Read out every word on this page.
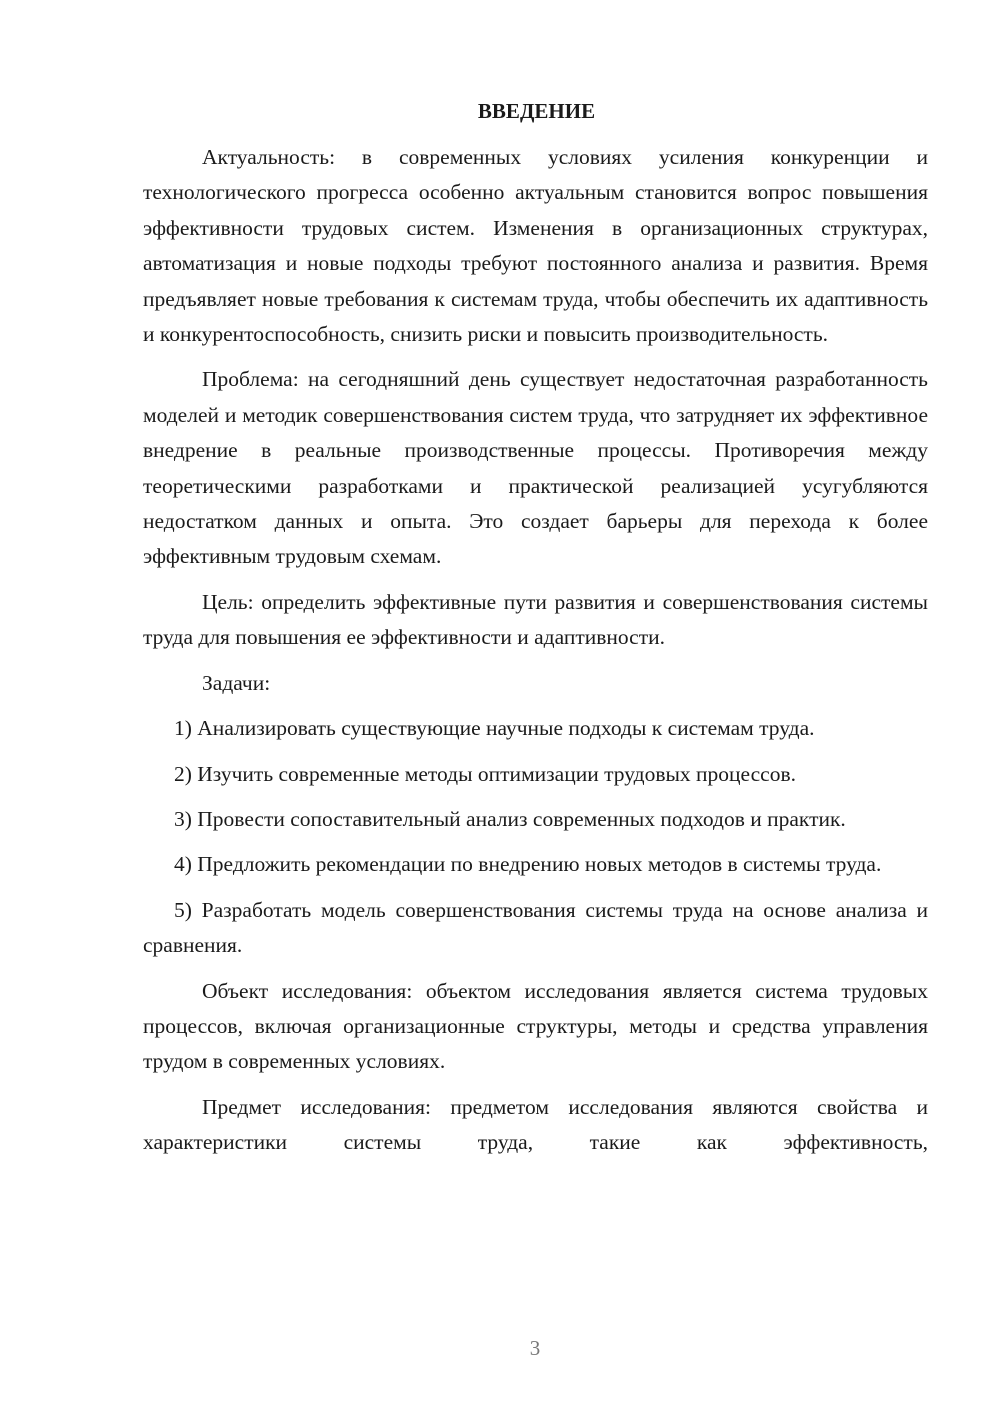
ВВЕДЕНИЕ

Актуальность: в современных условиях усиления конкуренции и технологического прогресса особенно актуальным становится вопрос повышения эффективности трудовых систем. Изменения в организационных структурах, автоматизация и новые подходы требуют постоянного анализа и развития. Время предъявляет новые требования к системам труда, чтобы обеспечить их адаптивность и конкурентоспособность, снизить риски и повысить производительность.

Проблема: на сегодняшний день существует недостаточная разработанность моделей и методик совершенствования систем труда, что затрудняет их эффективное внедрение в реальные производственные процессы. Противоречия между теоретическими разработками и практической реализацией усугубляются недостатком данных и опыта. Это создает барьеры для перехода к более эффективным трудовым схемам.

Цель: определить эффективные пути развития и совершенствования системы труда для повышения ее эффективности и адаптивности.

Задачи:

1) Анализировать существующие научные подходы к системам труда.

2) Изучить современные методы оптимизации трудовых процессов.

3) Провести сопоставительный анализ современных подходов и практик.

4) Предложить рекомендации по внедрению новых методов в системы труда.

5) Разработать модель совершенствования системы труда на основе анализа и сравнения.

Объект исследования: объектом исследования является система трудовых процессов, включая организационные структуры, методы и средства управления трудом в современных условиях.

Предмет исследования: предметом исследования являются свойства и характеристики системы труда, такие как эффективность,

3
